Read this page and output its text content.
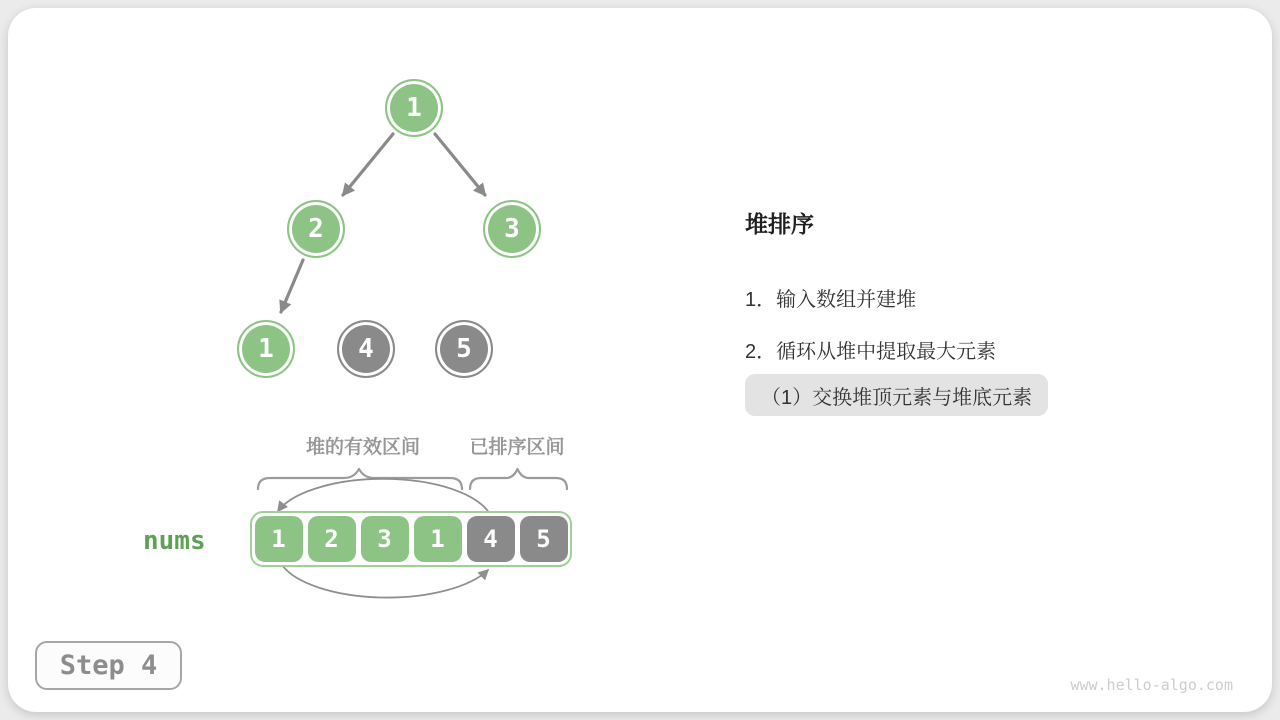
1
2	3
1	4	5
堆的有效区间	已排序区间
nums	1	2	3	1	4	5
堆排序
1．输入数组并建堆
2．循环从堆中提取最大元素
（1）交换堆顶元素与堆底元素
Step 4
www.hello-algo.com
